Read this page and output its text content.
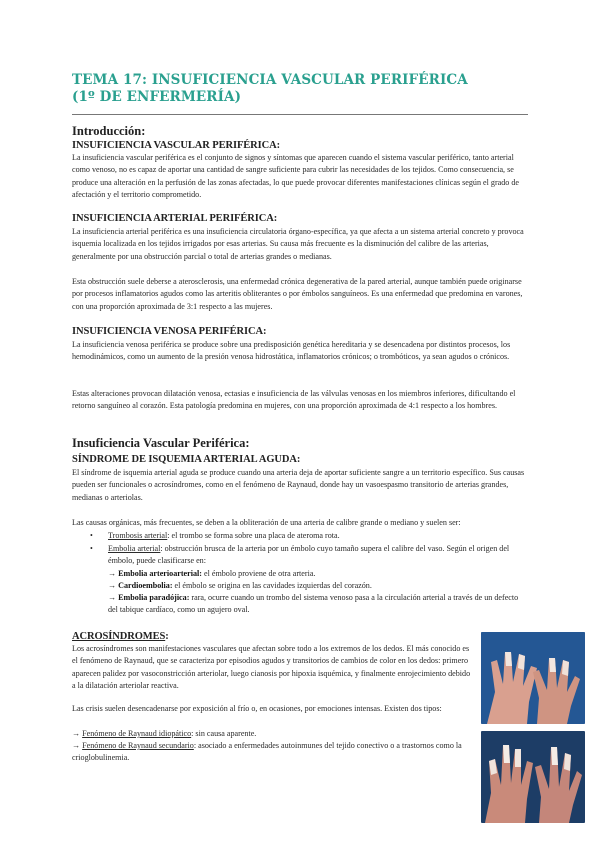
TEMA 17: INSUFICIENCIA VASCULAR PERIFÉRICA
(1º DE ENFERMERÍA)
Introducción:
INSUFICIENCIA VASCULAR PERIFÉRICA:
La insuficiencia vascular periférica es el conjunto de signos y síntomas que aparecen cuando el sistema vascular periférico, tanto arterial como venoso, no es capaz de aportar una cantidad de sangre suficiente para cubrir las necesidades de los tejidos. Como consecuencia, se produce una alteración en la perfusión de las zonas afectadas, lo que puede provocar diferentes manifestaciones clínicas según el grado de afectación y el territorio comprometido.
INSUFICIENCIA ARTERIAL PERIFÉRICA:
La insuficiencia arterial periférica es una insuficiencia circulatoria órgano-específica, ya que afecta a un sistema arterial concreto y provoca isquemia localizada en los tejidos irrigados por esas arterias. Su causa más frecuente es la disminución del calibre de las arterias, generalmente por una obstrucción parcial o total de arterias grandes o medianas.
Esta obstrucción suele deberse a aterosclerosis, una enfermedad crónica degenerativa de la pared arterial, aunque también puede originarse por procesos inflamatorios agudos como las arteritis obliterantes o por émbolos sanguíneos. Es una enfermedad que predomina en varones, con una proporción aproximada de 3:1 respecto a las mujeres.
INSUFICIENCIA VENOSA PERIFÉRICA:
La insuficiencia venosa periférica se produce sobre una predisposición genética hereditaria y se desencadena por distintos procesos, los hemodinámicos, como un aumento de la presión venosa hidrostática, inflamatorios crónicos; o trombóticos, ya sean agudos o crónicos.
Estas alteraciones provocan dilatación venosa, ectasias e insuficiencia de las válvulas venosas en los miembros inferiores, dificultando el retorno sanguíneo al corazón. Esta patología predomina en mujeres, con una proporción aproximada de 4:1 respecto a los hombres.
Insuficiencia Vascular Periférica:
SÍNDROME DE ISQUEMIA ARTERIAL AGUDA:
El síndrome de isquemia arterial aguda se produce cuando una arteria deja de aportar suficiente sangre a un territorio específico. Sus causas pueden ser funcionales o acrosíndromes, como en el fenómeno de Raynaud, donde hay un vasoespasmo transitorio de arterias grandes, medianas o arteriolas.
Las causas orgánicas, más frecuentes, se deben a la obliteración de una arteria de calibre grande o mediano y suelen ser:
• Trombosis arterial: el trombo se forma sobre una placa de ateroma rota.
• Embolia arterial: obstrucción brusca de la arteria por un émbolo cuyo tamaño supera el calibre del vaso. Según el origen del émbolo, puede clasificarse en:
→ Embolia arterioarterial: el émbolo proviene de otra arteria.
→ Cardioembolia: el émbolo se origina en las cavidades izquierdas del corazón.
→ Embolia paradójica: rara, ocurre cuando un trombo del sistema venoso pasa a la circulación arterial a través de un defecto del tabique cardíaco, como un agujero oval.
ACROSÍNDROMES:
Los acrosíndromes son manifestaciones vasculares que afectan sobre todo a los extremos de los dedos. El más conocido es el fenómeno de Raynaud, que se caracteriza por episodios agudos y transitorios de cambios de color en los dedos: primero aparecen palidez por vasoconstricción arteriolar, luego cianosis por hipoxia isquémica, y finalmente enrojecimiento debido a la dilatación arteriolar reactiva.
Las crisis suelen desencadenarse por exposición al frío o, en ocasiones, por emociones intensas. Existen dos tipos:
→ Fenómeno de Raynaud idiopático: sin causa aparente.
→ Fenómeno de Raynaud secundario: asociado a enfermedades autoinmunes del tejido conectivo o a trastornos como la crioglobulinemia.
